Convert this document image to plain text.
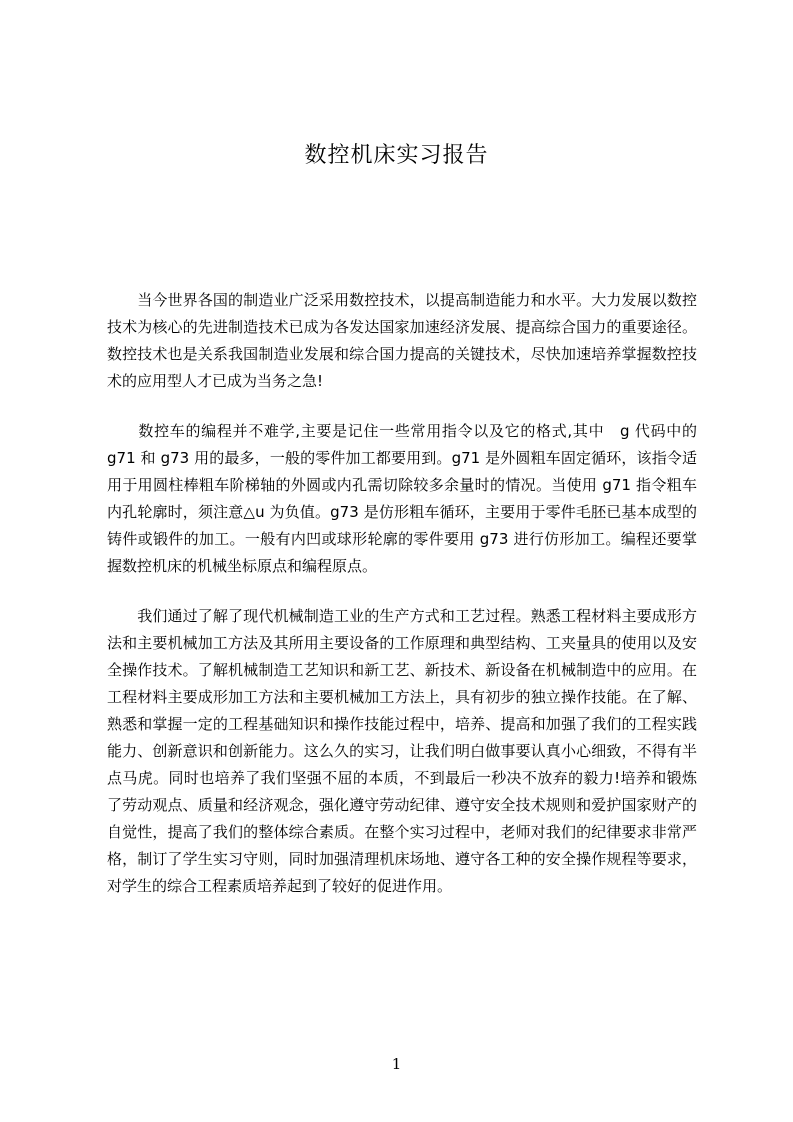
数控机床实习报告

　　当今世界各国的制造业广泛采用数控技术，以提高制造能力和水平。大力发展以数控技术为核心的先进制造技术已成为各发达国家加速经济发展、提高综合国力的重要途径。数控技术也是关系我国制造业发展和综合国力提高的关键技术，尽快加速培养掌握数控技术的应用型人才已成为当务之急!

　　数控车的编程并不难学,主要是记住一些常用指令以及它的格式,其中　g 代码中的 g71 和 g73 用的最多，一般的零件加工都要用到。g71 是外圆粗车固定循环，该指令适用于用圆柱棒粗车阶梯轴的外圆或内孔需切除较多余量时的情况。当使用 g71 指令粗车内孔轮廓时，须注意△u 为负值。g73 是仿形粗车循环，主要用于零件毛胚已基本成型的铸件或锻件的加工。一般有内凹或球形轮廓的零件要用 g73 进行仿形加工。编程还要掌握数控机床的机械坐标原点和编程原点。

　　我们通过了解了现代机械制造工业的生产方式和工艺过程。熟悉工程材料主要成形方法和主要机械加工方法及其所用主要设备的工作原理和典型结构、工夹量具的使用以及安全操作技术。了解机械制造工艺知识和新工艺、新技术、新设备在机械制造中的应用。在工程材料主要成形加工方法和主要机械加工方法上，具有初步的独立操作技能。在了解、熟悉和掌握一定的工程基础知识和操作技能过程中，培养、提高和加强了我们的工程实践能力、创新意识和创新能力。这么久的实习，让我们明白做事要认真小心细致，不得有半点马虎。同时也培养了我们坚强不屈的本质，不到最后一秒决不放弃的毅力!培养和锻炼了劳动观点、质量和经济观念，强化遵守劳动纪律、遵守安全技术规则和爱护国家财产的自觉性，提高了我们的整体综合素质。在整个实习过程中，老师对我们的纪律要求非常严格，制订了学生实习守则，同时加强清理机床场地、遵守各工种的安全操作规程等要求，对学生的综合工程素质培养起到了较好的促进作用。

1
